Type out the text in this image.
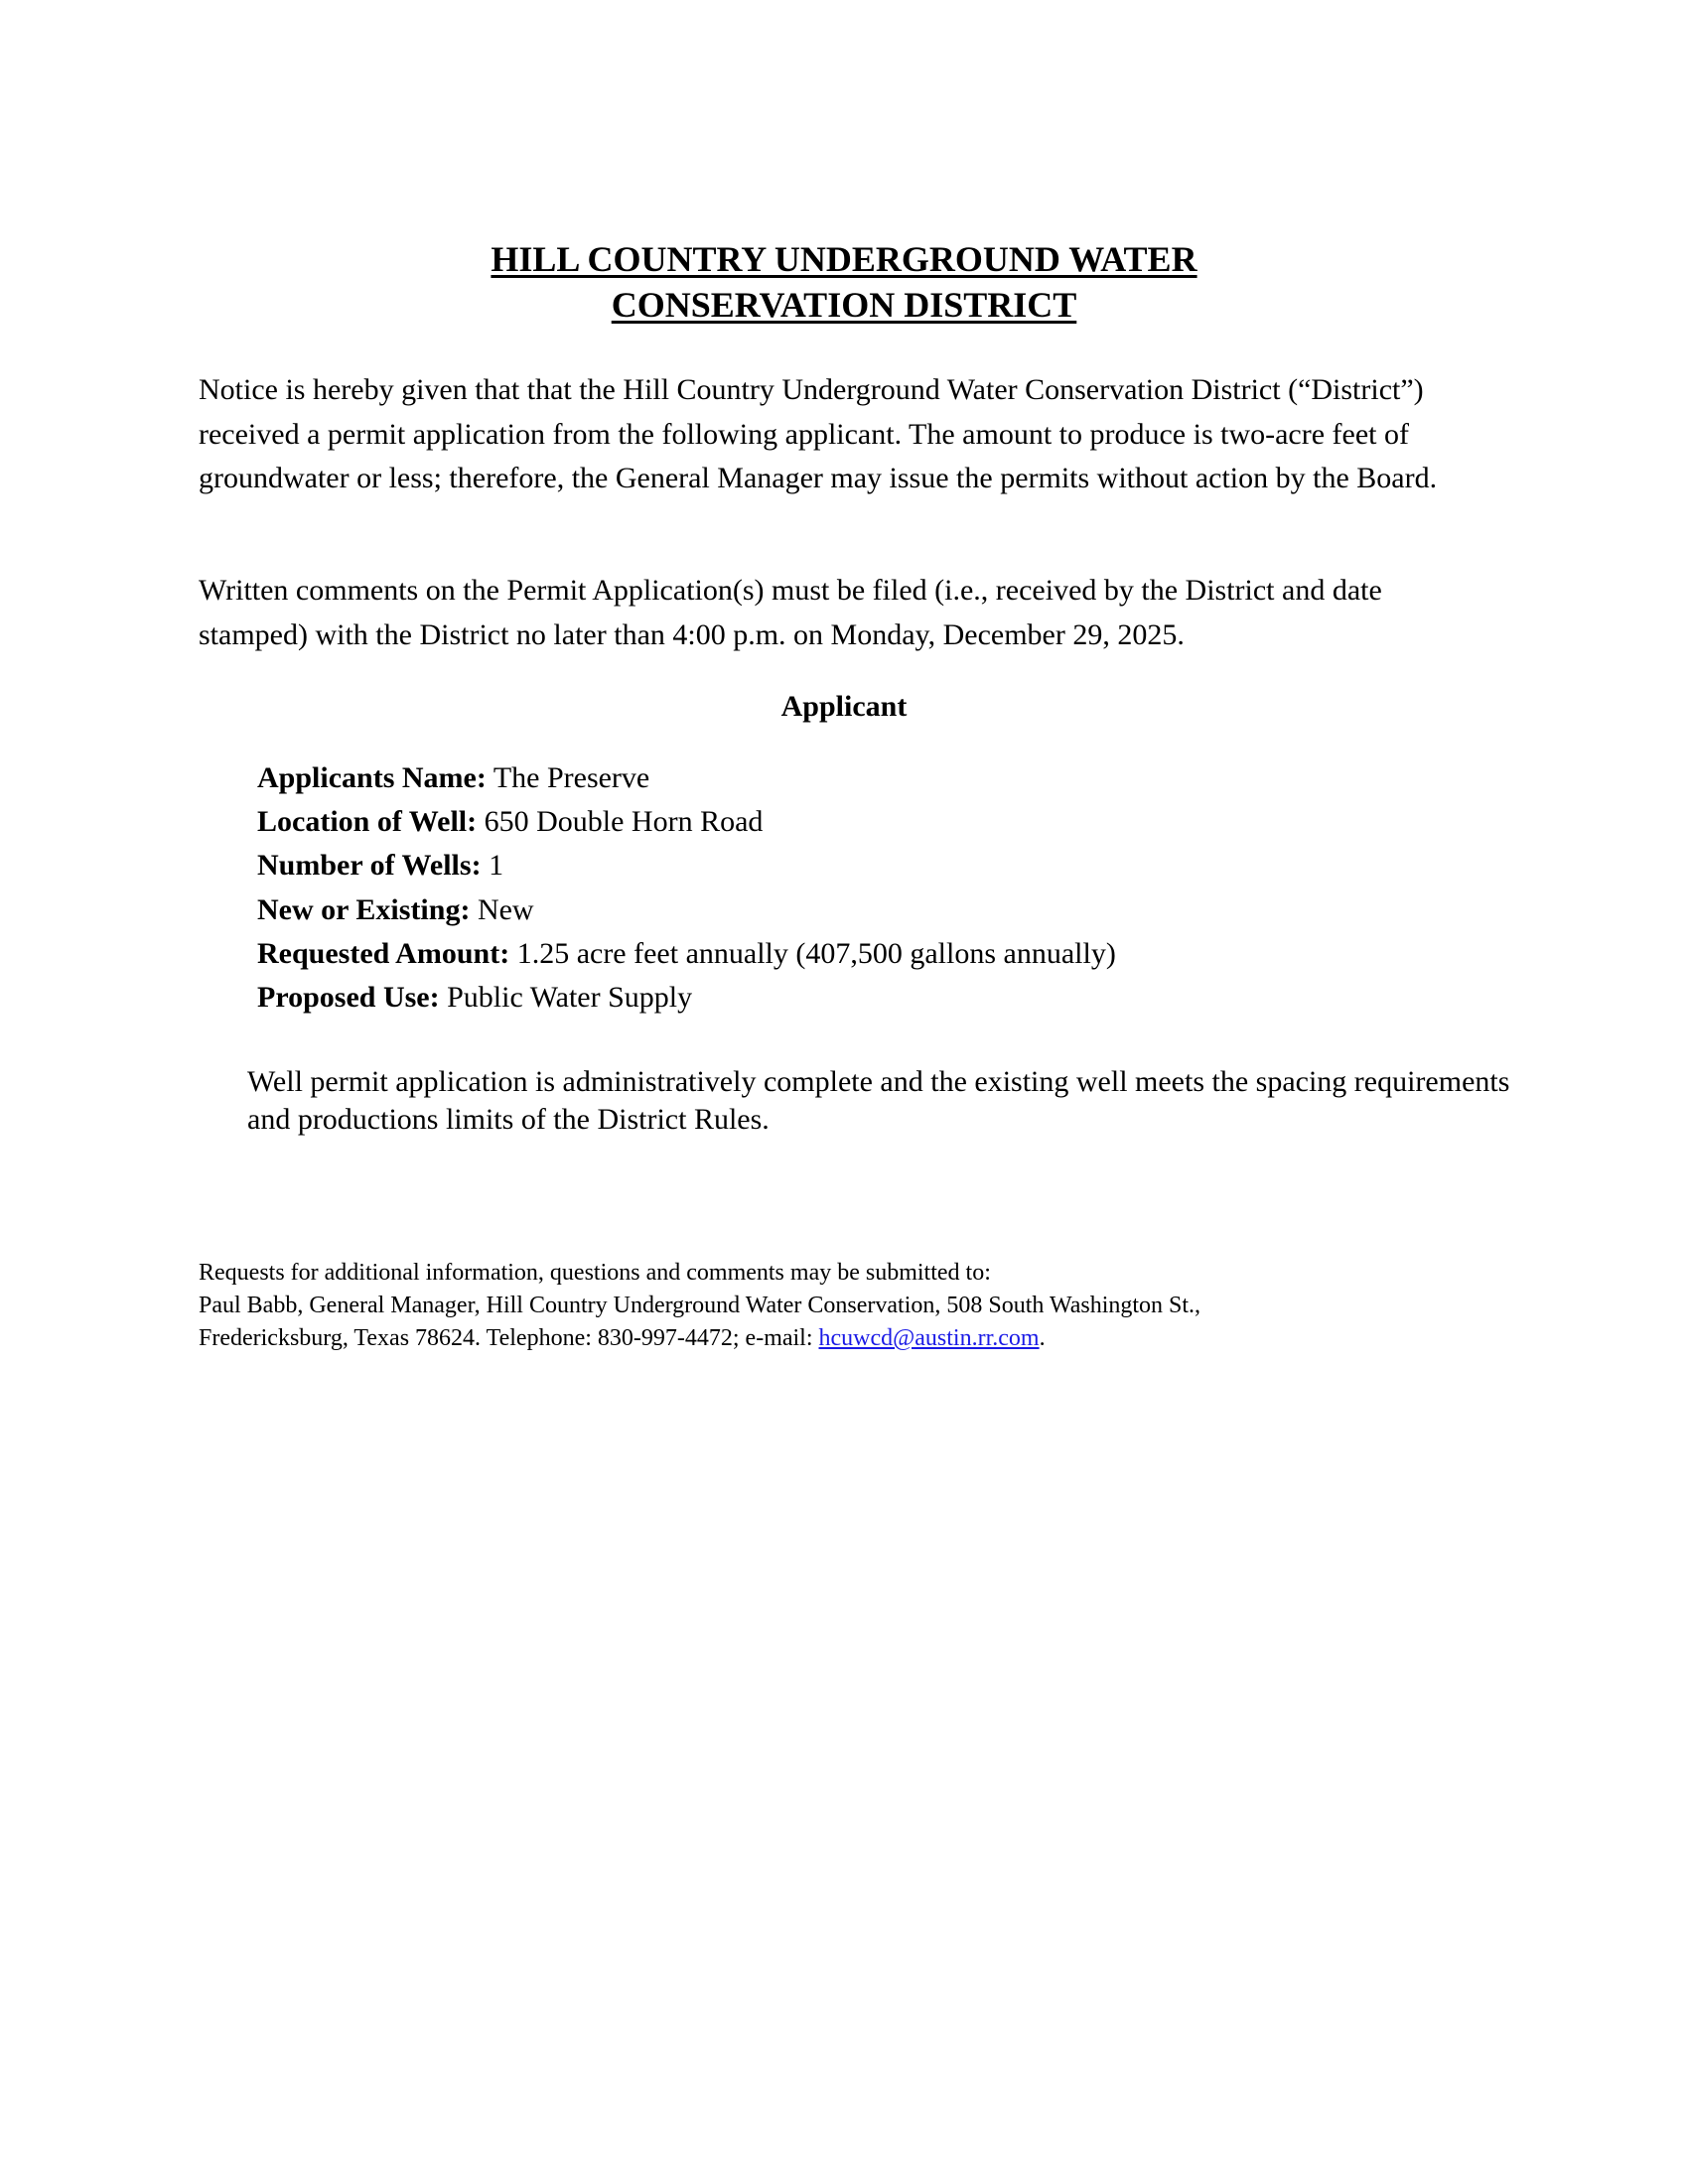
HILL COUNTRY UNDERGROUND WATER
CONSERVATION DISTRICT

Notice is hereby given that that the Hill Country Underground Water Conservation District (“District”) received a permit application from the following applicant. The amount to produce is two-acre feet of groundwater or less; therefore, the General Manager may issue the permits without action by the Board.

Written comments on the Permit Application(s) must be filed (i.e., received by the District and date stamped) with the District no later than 4:00 p.m. on Monday, December 29, 2025.

Applicant
Applicants Name: The Preserve
Location of Well: 650 Double Horn Road
Number of Wells: 1
New or Existing: New
Requested Amount: 1.25 acre feet annually (407,500 gallons annually)
Proposed Use: Public Water Supply
Well permit application is administratively complete and the existing well meets the spacing requirements and productions limits of the District Rules.
Requests for additional information, questions and comments may be submitted to:
Paul Babb, General Manager, Hill Country Underground Water Conservation, 508 South Washington St.,
Fredericksburg, Texas 78624. Telephone: 830-997-4472; e-mail: hcuwcd@austin.rr.com.
